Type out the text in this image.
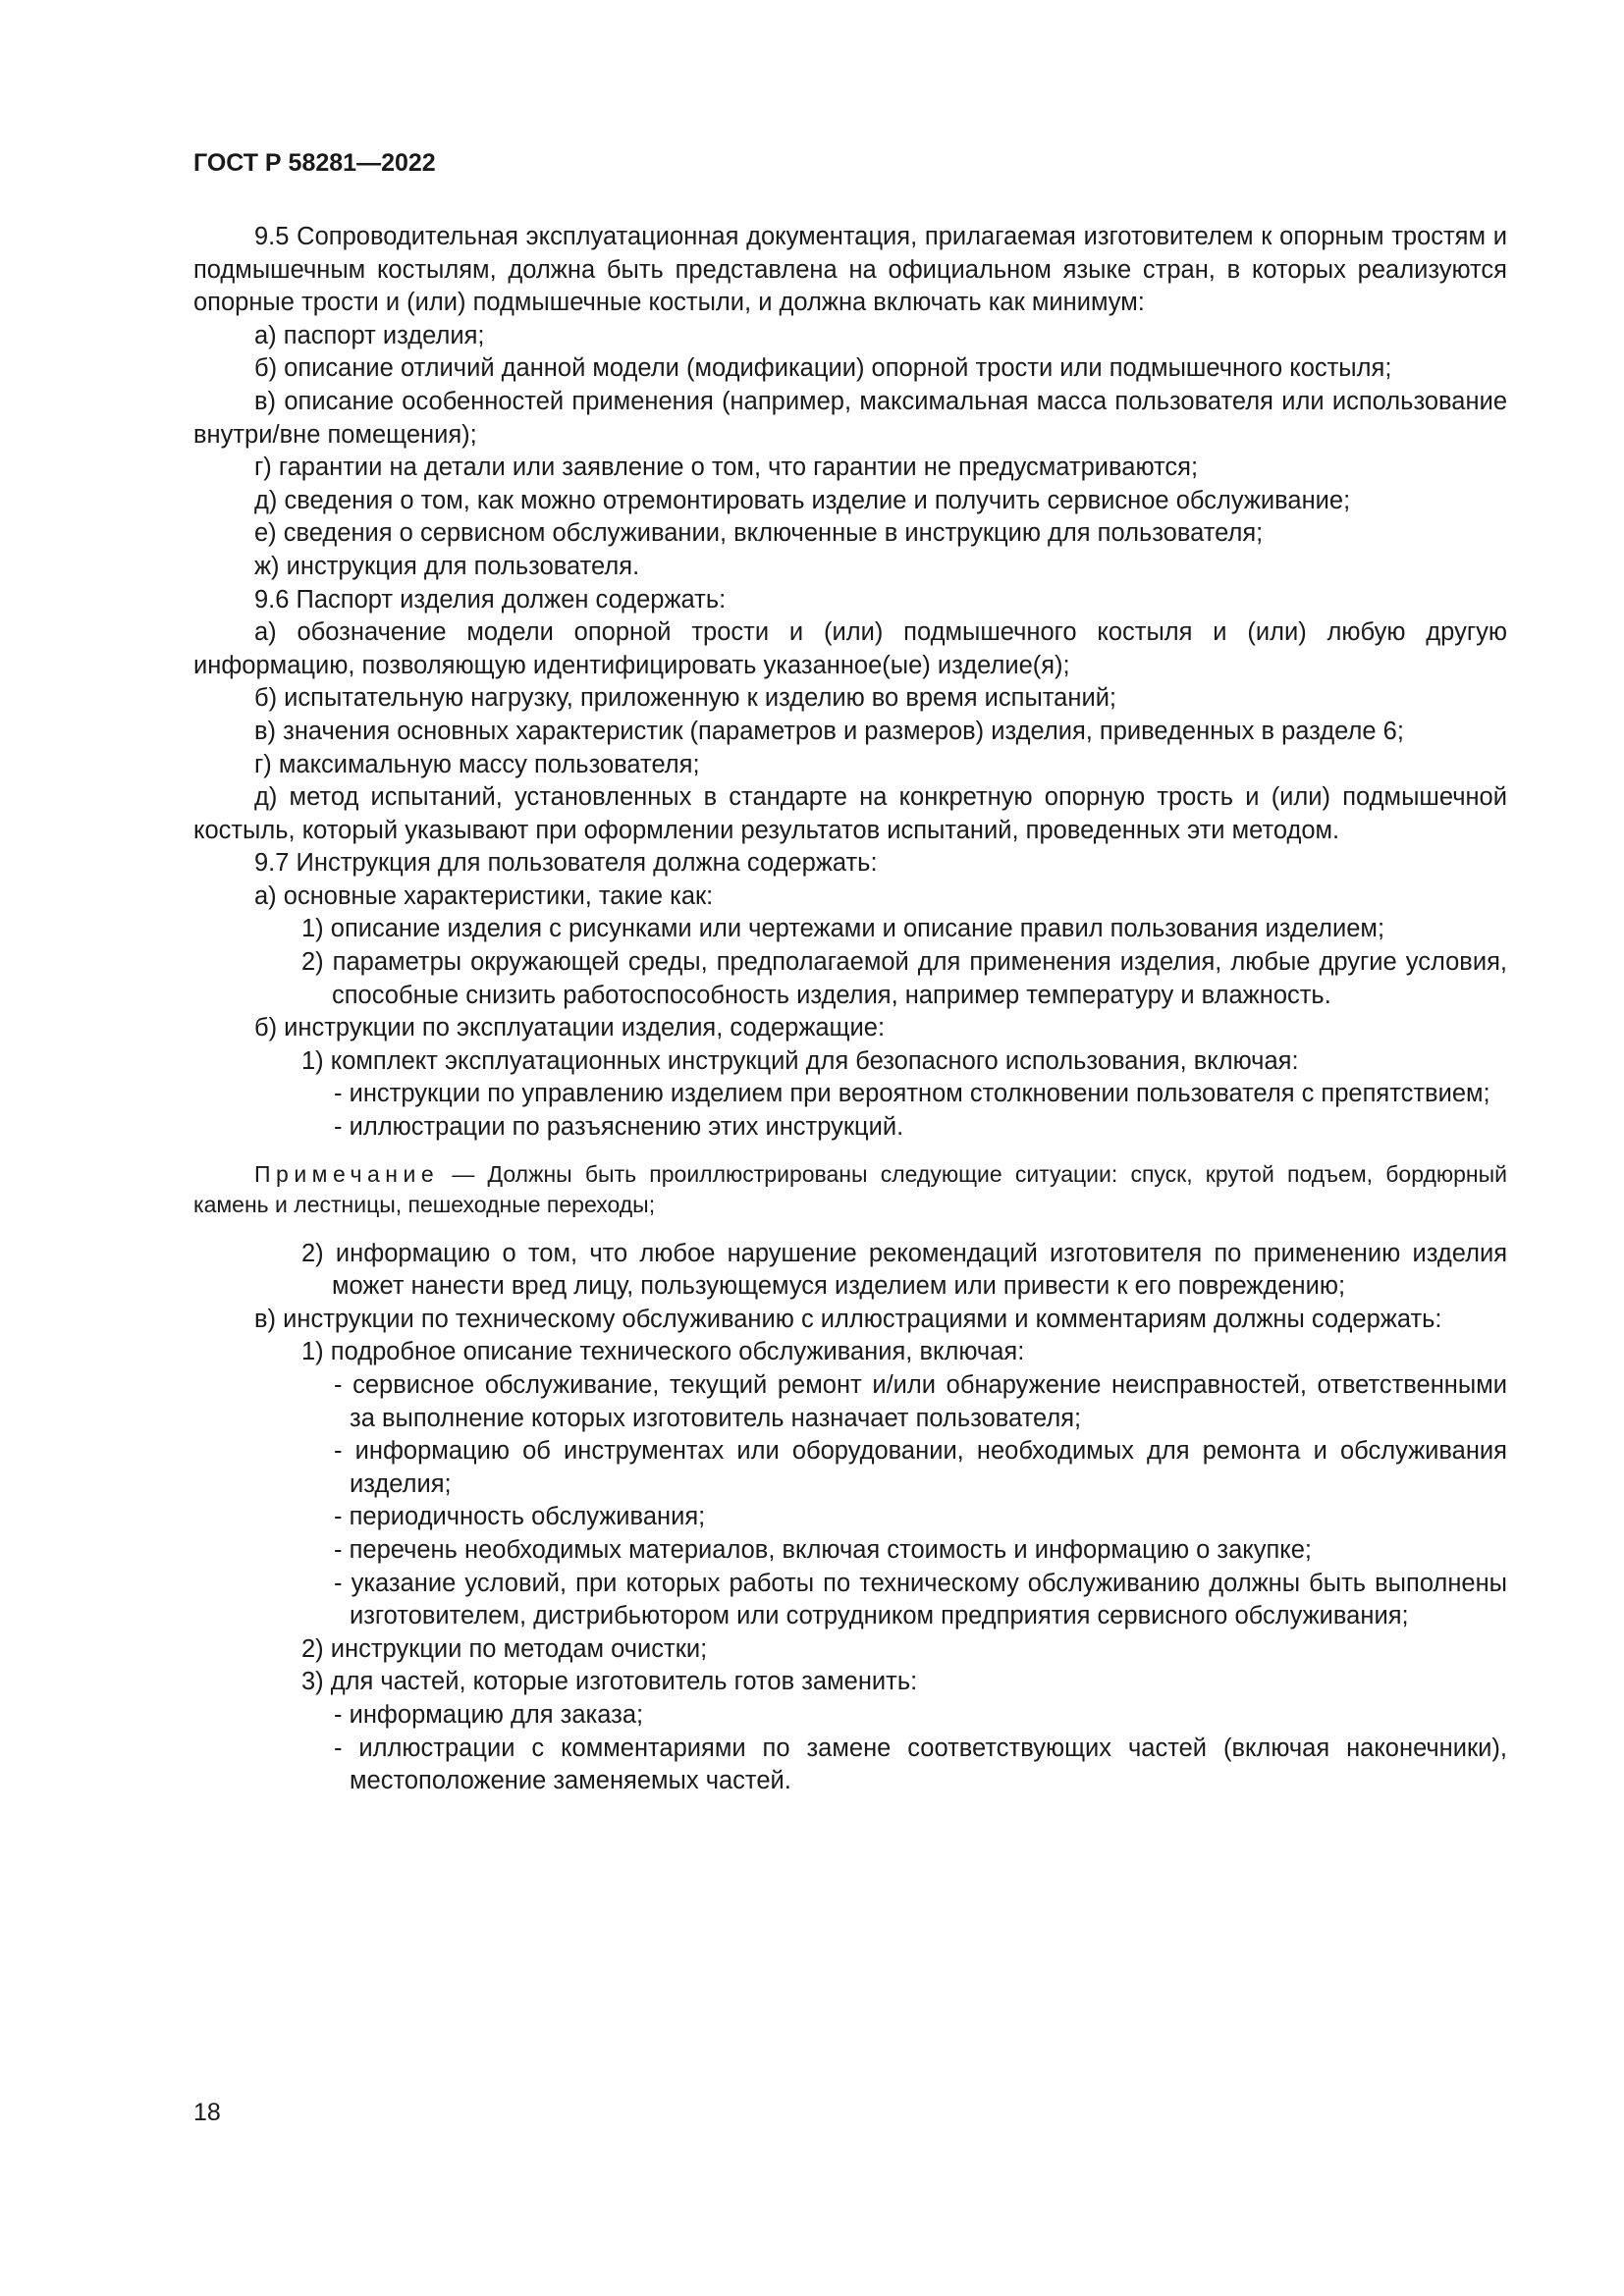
ГОСТ Р 58281—2022
9.5 Сопроводительная эксплуатационная документация, прилагаемая изготовителем к опорным тростям и подмышечным костылям, должна быть представлена на официальном языке стран, в которых реализуются опорные трости и (или) подмышечные костыли, и должна включать как минимум:
а) паспорт изделия;
б) описание отличий данной модели (модификации) опорной трости или подмышечного костыля;
в) описание особенностей применения (например, максимальная масса пользователя или использование внутри/вне помещения);
г) гарантии на детали или заявление о том, что гарантии не предусматриваются;
д) сведения о том, как можно отремонтировать изделие и получить сервисное обслуживание;
е) сведения о сервисном обслуживании, включенные в инструкцию для пользователя;
ж) инструкция для пользователя.
9.6 Паспорт изделия должен содержать:
а) обозначение модели опорной трости и (или) подмышечного костыля и (или) любую другую информацию, позволяющую идентифицировать указанное(ые) изделие(я);
б) испытательную нагрузку, приложенную к изделию во время испытаний;
в) значения основных характеристик (параметров и размеров) изделия, приведенных в разделе 6;
г) максимальную массу пользователя;
д) метод испытаний, установленных в стандарте на конкретную опорную трость и (или) подмышечной костыль, который указывают при оформлении результатов испытаний, проведенных эти методом.
9.7 Инструкция для пользователя должна содержать:
а) основные характеристики, такие как:
1) описание изделия с рисунками или чертежами и описание правил пользования изделием;
2) параметры окружающей среды, предполагаемой для применения изделия, любые другие условия, способные снизить работоспособность изделия, например температуру и влажность.
б) инструкции по эксплуатации изделия, содержащие:
1) комплект эксплуатационных инструкций для безопасного использования, включая:
- инструкции по управлению изделием при вероятном столкновении пользователя с препятствием;
- иллюстрации по разъяснению этих инструкций.
Примечание — Должны быть проиллюстрированы следующие ситуации: спуск, крутой подъем, бордюрный камень и лестницы, пешеходные переходы;
2) информацию о том, что любое нарушение рекомендаций изготовителя по применению изделия может нанести вред лицу, пользующемуся изделием или привести к его повреждению;
в) инструкции по техническому обслуживанию с иллюстрациями и комментариям должны содержать:
1) подробное описание технического обслуживания, включая:
- сервисное обслуживание, текущий ремонт и/или обнаружение неисправностей, ответственными за выполнение которых изготовитель назначает пользователя;
- информацию об инструментах или оборудовании, необходимых для ремонта и обслуживания изделия;
- периодичность обслуживания;
- перечень необходимых материалов, включая стоимость и информацию о закупке;
- указание условий, при которых работы по техническому обслуживанию должны быть выполнены изготовителем, дистрибьютором или сотрудником предприятия сервисного обслуживания;
2) инструкции по методам очистки;
3) для частей, которые изготовитель готов заменить:
- информацию для заказа;
- иллюстрации с комментариями по замене соответствующих частей (включая наконечники), местоположение заменяемых частей.
18
